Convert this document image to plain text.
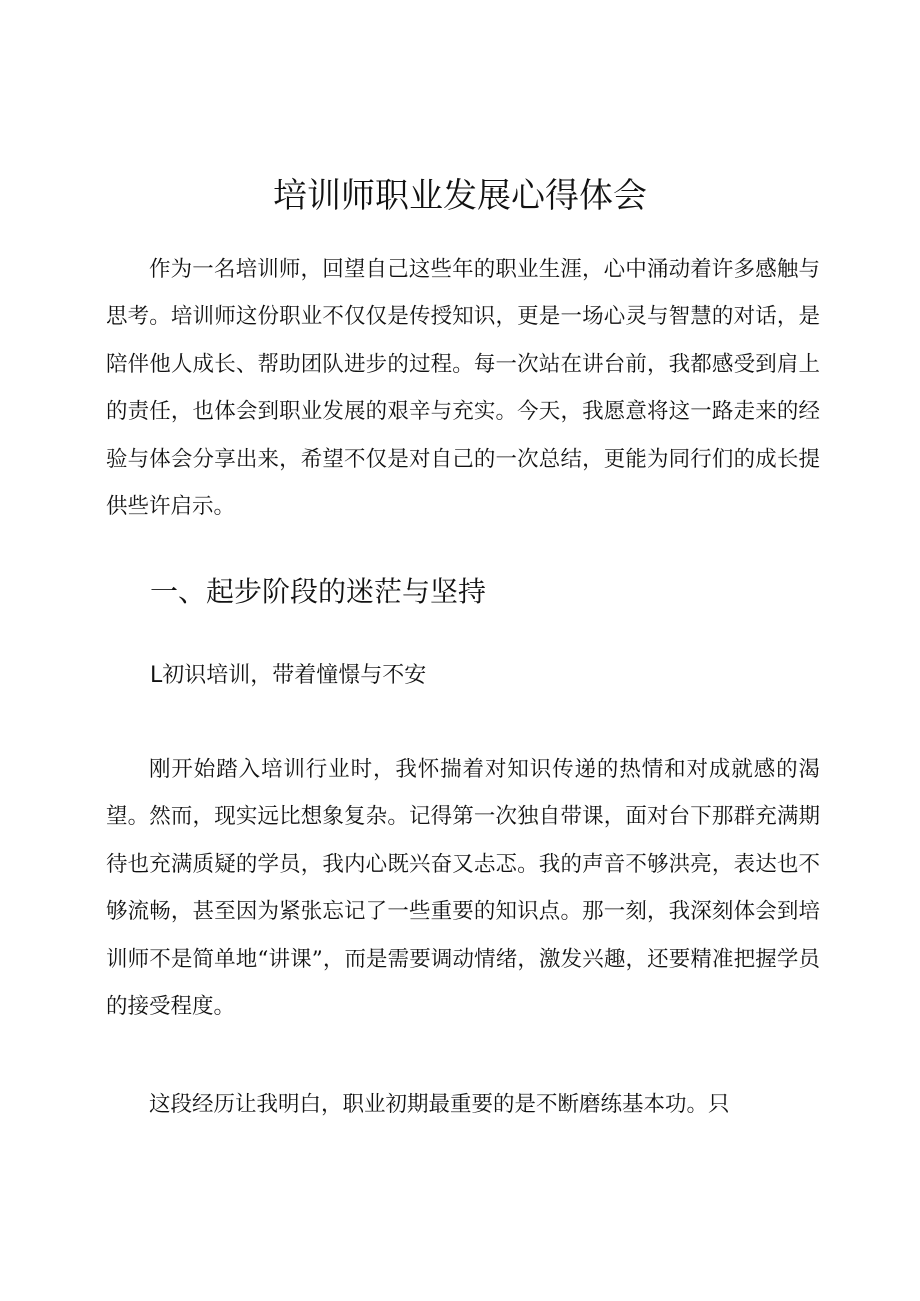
培训师职业发展心得体会

作为一名培训师，回望自己这些年的职业生涯，心中涌动着许多感触与思考。培训师这份职业不仅仅是传授知识，更是一场心灵与智慧的对话，是陪伴他人成长、帮助团队进步的过程。每一次站在讲台前，我都感受到肩上的责任，也体会到职业发展的艰辛与充实。今天，我愿意将这一路走来的经验与体会分享出来，希望不仅是对自己的一次总结，更能为同行们的成长提供些许启示。

一、起步阶段的迷茫与坚持
L初识培训，带着憧憬与不安

刚开始踏入培训行业时，我怀揣着对知识传递的热情和对成就感的渴望。然而，现实远比想象复杂。记得第一次独自带课，面对台下那群充满期待也充满质疑的学员，我内心既兴奋又忐忑。我的声音不够洪亮，表达也不够流畅，甚至因为紧张忘记了一些重要的知识点。那一刻，我深刻体会到培训师不是简单地“讲课”，而是需要调动情绪，激发兴趣，还要精准把握学员的接受程度。

这段经历让我明白，职业初期最重要的是不断磨练基本功。只
